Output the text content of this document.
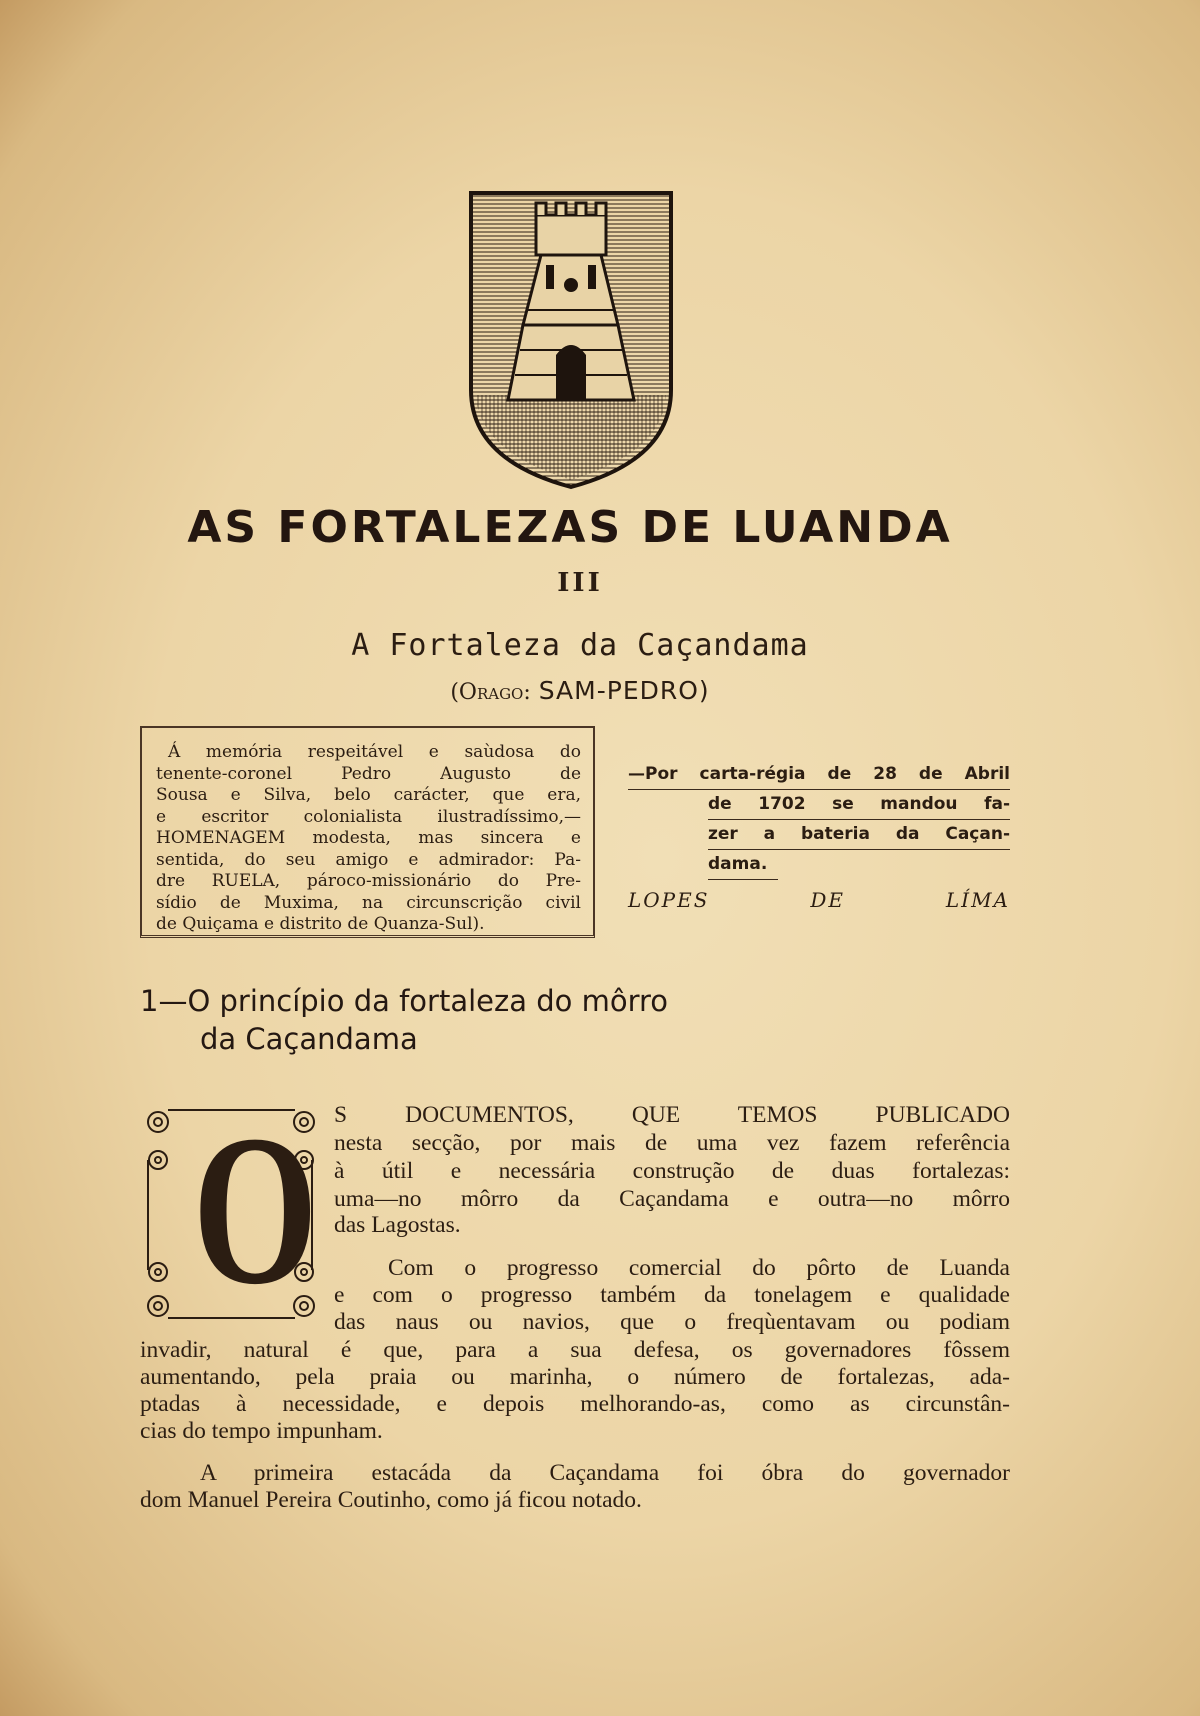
AS FORTALEZAS DE LUANDA
III
A Fortaleza da Caçandama
(Orago: SAM-PEDRO)
Á memória respeitável e saùdosa do
tenente-coronel Pedro Augusto de
Sousa e Silva, belo carácter, que era,
e escritor colonialista ilustradíssimo,—
HOMENAGEM modesta, mas sincera e
sentida, do seu amigo e admirador: Pa-
dre RUELA, pároco-missionário do Pre-
sídio de Muxima, na circunscrição civil
de Quiçama e distrito de Quanza-Sul).
—Por carta-régia de 28 de Abril
de 1702 se mandou fa-
zer a bateria da Caçan-
dama.
LOPES DE LÍMA
1—O princípio da fortaleza do môrro
da Caçandama
O S DOCUMENTOS, QUE TEMOS PUBLICADO
nesta secção, por mais de uma vez fazem referência
à útil e necessária construção de duas fortalezas:
uma—no môrro da Caçandama e outra—no môrro
das Lagostas.
Com o progresso comercial do pôrto de Luanda
e com o progresso também da tonelagem e qualidade
das naus ou navios, que o freqùentavam ou podiam
invadir, natural é que, para a sua defesa, os governadores fôssem
aumentando, pela praia ou marinha, o número de fortalezas, ada-
ptadas à necessidade, e depois melhorando-as, como as circunstân-
cias do tempo impunham.
A primeira estacáda da Caçandama foi óbra do governador
dom Manuel Pereira Coutinho, como já ficou notado.
